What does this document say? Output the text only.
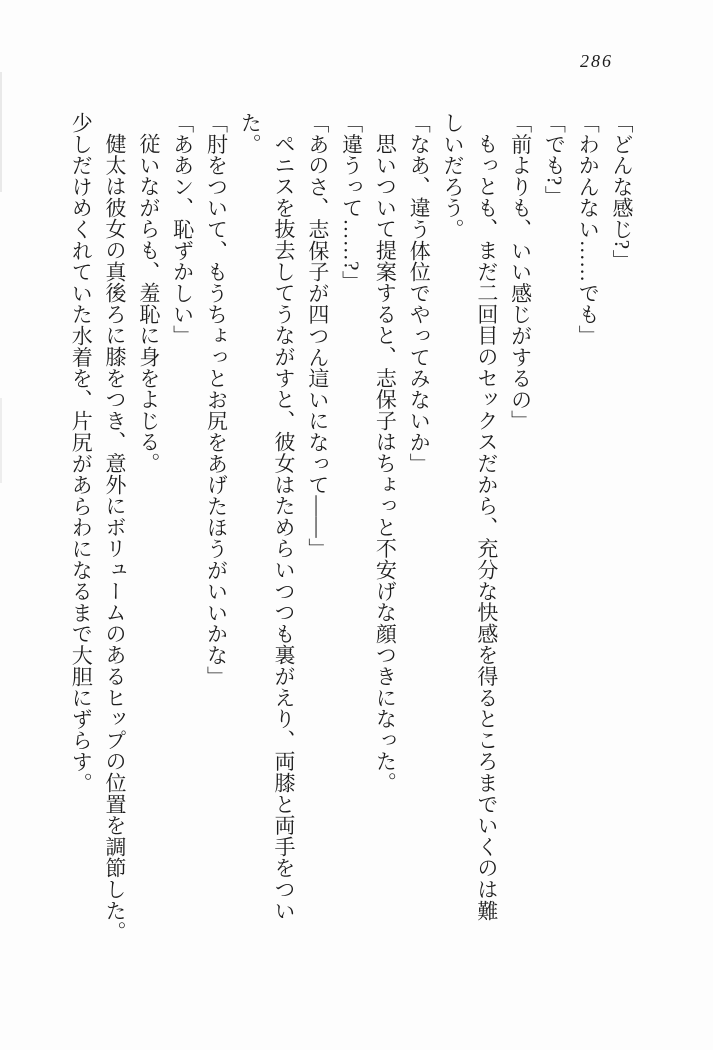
286

「どんな感じ?」

「わかんない……でも」

「でも?」

「前よりも、いい感じがするの」

もっとも、まだ二回目のセックスだから、充分な快感を得るところまでいくのは難

しいだろう。

「なあ、違う体位でやってみないか」

思いついて提案すると、志保子はちょっと不安げな顔つきになった。

「違うって……?」

「あのさ、志保子が四つん這いになって――」

ペニスを抜去してうながすと、彼女はためらいつつも裏がえり、両膝と両手をつい

た。

「肘をついて、もうちょっとお尻をあげたほうがいいかな」

「ああン、恥ずかしい」

従いながらも、羞恥に身をよじる。

健太は彼女の真後ろに膝をつき、意外にボリュームのあるヒップの位置を調節した。

少しだけめくれていた水着を、片尻があらわになるまで大胆にずらす。
